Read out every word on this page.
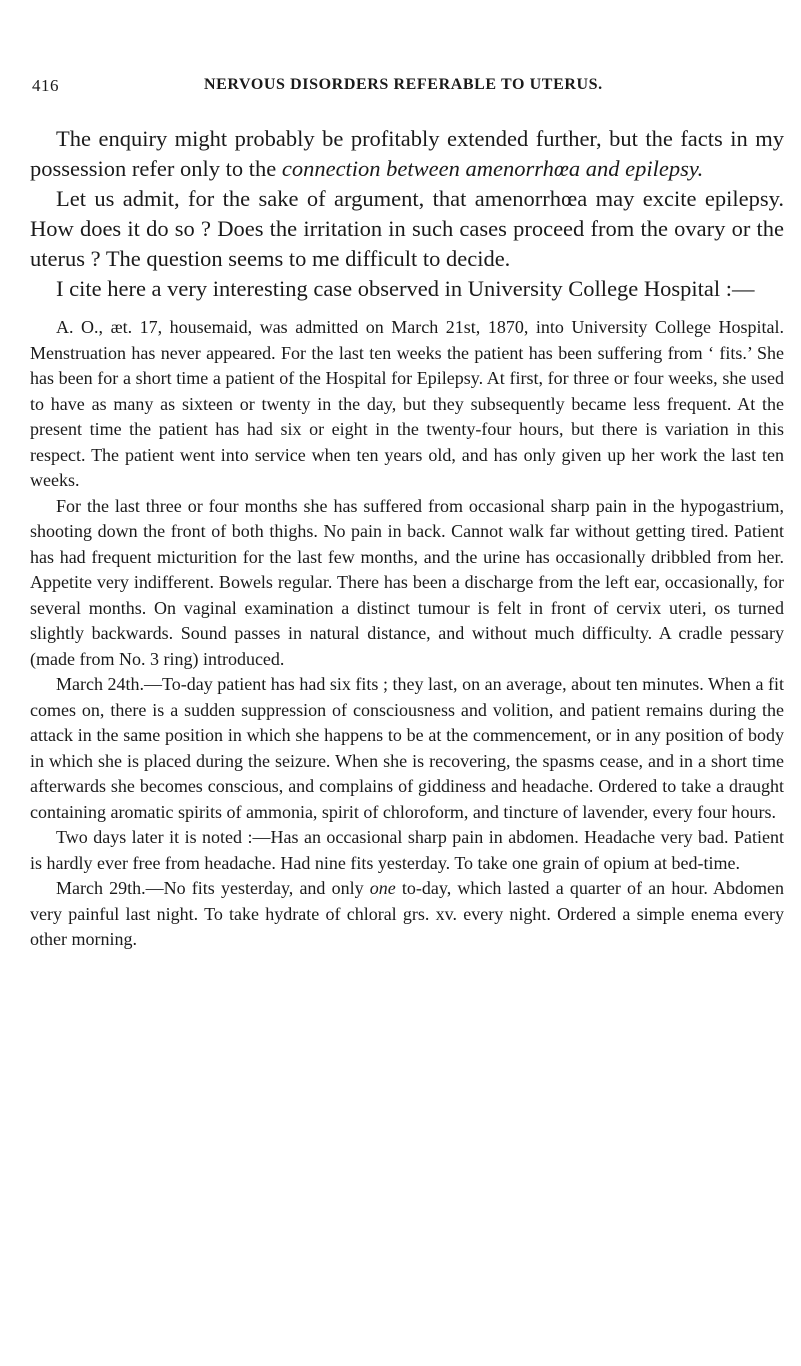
416	NERVOUS DISORDERS REFERABLE TO UTERUS.

The enquiry might probably be profitably extended further, but the facts in my possession refer only to the connection between amenorrhœa and epilepsy.

Let us admit, for the sake of argument, that amenorrhœa may excite epilepsy. How does it do so ? Does the irritation in such cases proceed from the ovary or the uterus ? The question seems to me difficult to decide.

I cite here a very interesting case observed in University College Hospital :—

A. O., æt. 17, housemaid, was admitted on March 21st, 1870, into University College Hospital. Menstruation has never appeared. For the last ten weeks the patient has been suffering from ‘ fits.’ She has been for a short time a patient of the Hospital for Epilepsy. At first, for three or four weeks, she used to have as many as sixteen or twenty in the day, but they subsequently became less frequent. At the present time the patient has had six or eight in the twenty-four hours, but there is variation in this respect. The patient went into service when ten years old, and has only given up her work the last ten weeks.

For the last three or four months she has suffered from occasional sharp pain in the hypogastrium, shooting down the front of both thighs. No pain in back. Cannot walk far without getting tired. Patient has had frequent micturition for the last few months, and the urine has occasionally dribbled from her. Appetite very indifferent. Bowels regular. There has been a discharge from the left ear, occasionally, for several months. On vaginal examination a distinct tumour is felt in front of cervix uteri, os turned slightly backwards. Sound passes in natural distance, and without much difficulty. A cradle pessary (made from No. 3 ring) introduced.

March 24th.—To-day patient has had six fits ; they last, on an average, about ten minutes. When a fit comes on, there is a sudden suppression of consciousness and volition, and patient remains during the attack in the same position in which she happens to be at the commencement, or in any position of body in which she is placed during the seizure. When she is recovering, the spasms cease, and in a short time afterwards she becomes conscious, and complains of giddiness and headache. Ordered to take a draught containing aromatic spirits of ammonia, spirit of chloroform, and tincture of lavender, every four hours.

Two days later it is noted :—Has an occasional sharp pain in abdomen. Headache very bad. Patient is hardly ever free from headache. Had nine fits yesterday. To take one grain of opium at bed-time.

March 29th.—No fits yesterday, and only one to-day, which lasted a quarter of an hour. Abdomen very painful last night. To take hydrate of chloral grs. xv. every night. Ordered a simple enema every other morning.
